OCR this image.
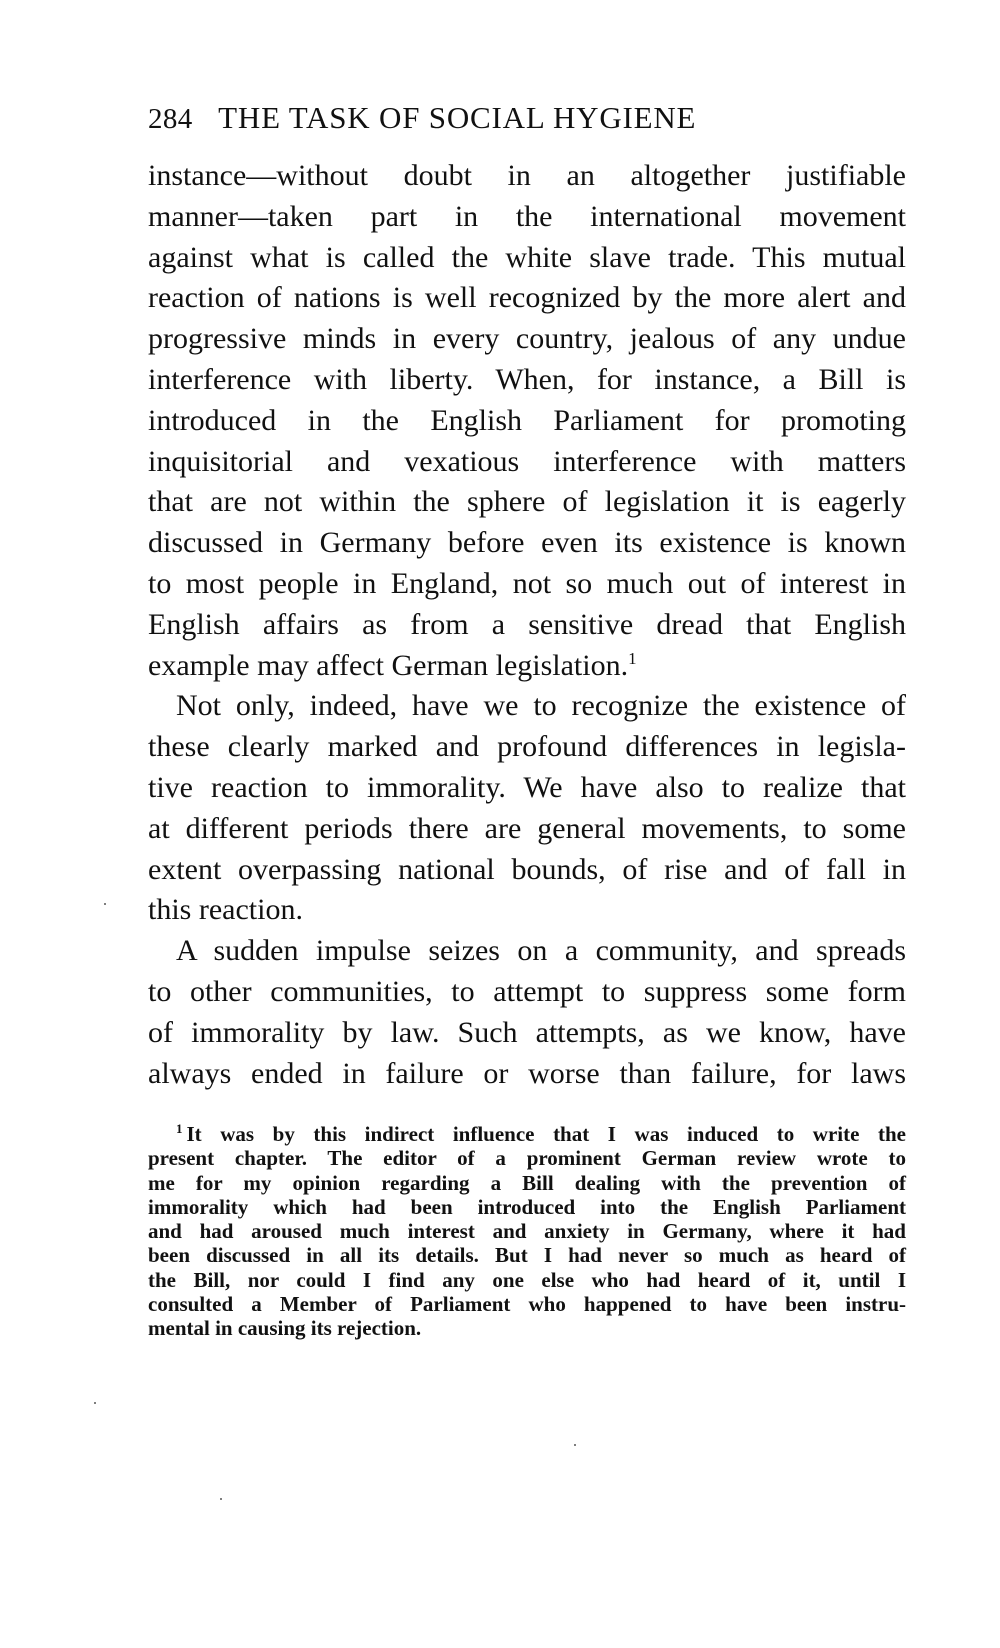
284 THE TASK OF SOCIAL HYGIENE
instance—without doubt in an altogether justifiable
manner—taken part in the international movement
against what is called the white slave trade. This mutual
reaction of nations is well recognized by the more alert and
progressive minds in every country, jealous of any undue
interference with liberty. When, for instance, a Bill is
introduced in the English Parliament for promoting
inquisitorial and vexatious interference with matters
that are not within the sphere of legislation it is eagerly
discussed in Germany before even its existence is known
to most people in England, not so much out of interest in
English affairs as from a sensitive dread that English
example may affect German legislation.$^1$
Not only, indeed, have we to recognize the existence of
these clearly marked and profound differences in legisla-
tive reaction to immorality. We have also to realize that
at different periods there are general movements, to some
extent overpassing national bounds, of rise and of fall in
this reaction.
A sudden impulse seizes on a community, and spreads
to other communities, to attempt to suppress some form
of immorality by law. Such attempts, as we know, have
always ended in failure or worse than failure, for laws
$^1$ It was by this indirect influence that I was induced to write the
present chapter. The editor of a prominent German review wrote to
me for my opinion regarding a Bill dealing with the prevention of
immorality which had been introduced into the English Parliament
and had aroused much interest and anxiety in Germany, where it had
been discussed in all its details. But I had never so much as heard of
the Bill, nor could I find any one else who had heard of it, until I
consulted a Member of Parliament who happened to have been instru-
mental in causing its rejection.
